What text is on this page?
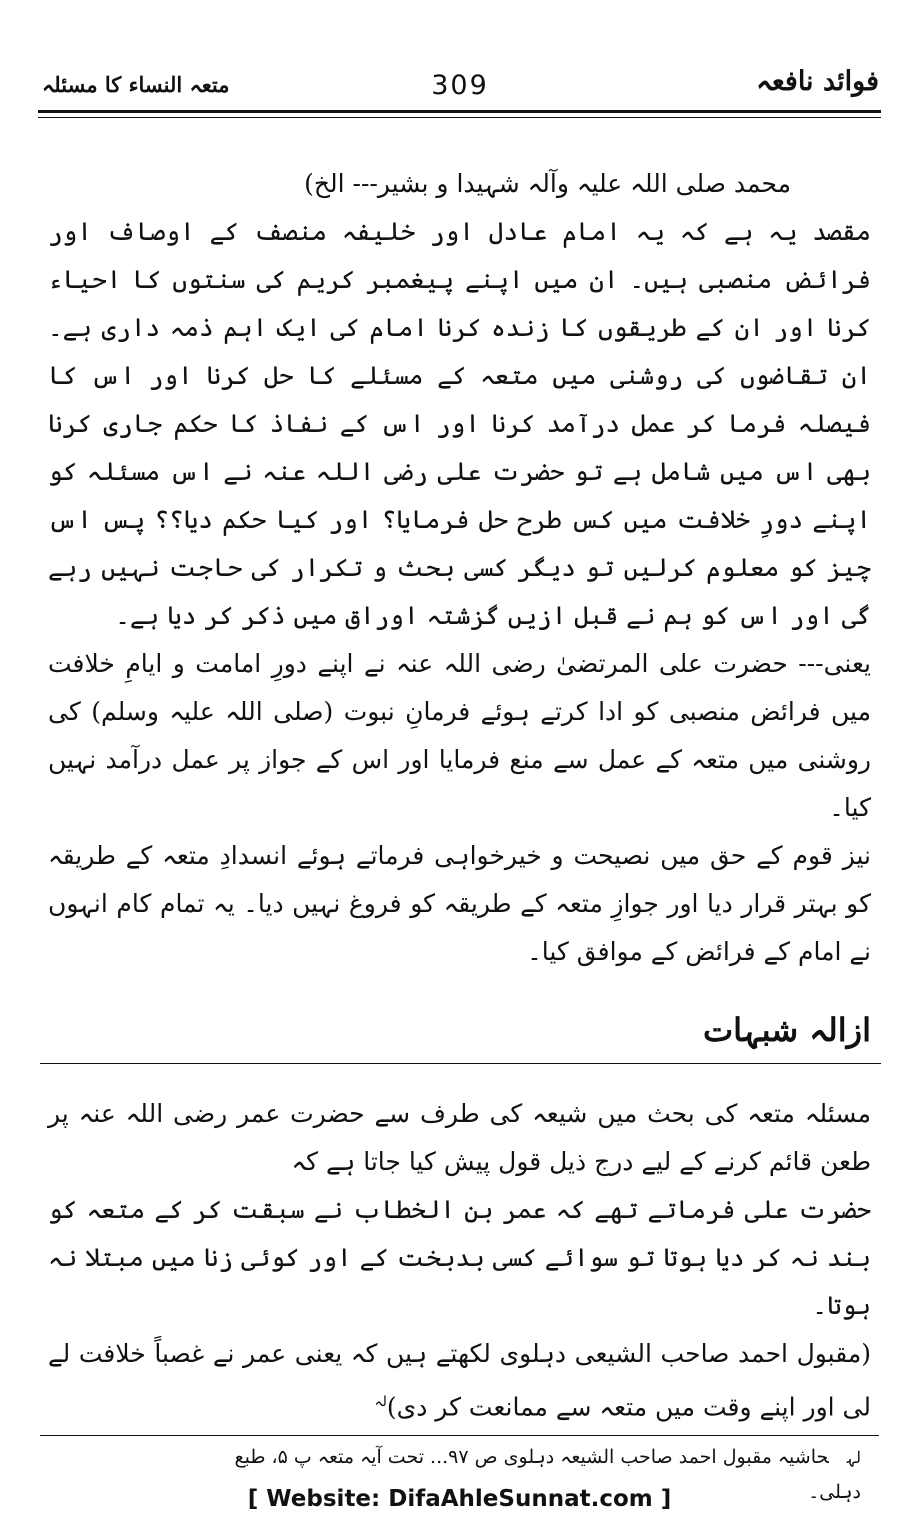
متعہ النساء کا مسئلہ	309	فوائد نافعہ

محمد صلی اللہ علیہ وآلہ شہیدا و بشیر--- الخ)

مقصد یہ ہے کہ یہ امام عادل اور خلیفہ منصف کے اوصاف اور فرائض منصبی ہیں۔ ان میں اپنے پیغمبر کریم کی سنتوں کا احیاء کرنا اور ان کے طریقوں کا زندہ کرنا امام کی ایک اہم ذمہ داری ہے۔ ان تقاضوں کی روشنی میں متعہ کے مسئلے کا حل کرنا اور اس کا فیصلہ فرما کر عمل درآمد کرنا اور اس کے نفاذ کا حکم جاری کرنا بھی اس میں شامل ہے تو حضرت علی رضی اللہ عنہ نے اس مسئلہ کو اپنے دورِ خلافت میں کس طرح حل فرمایا؟ اور کیا حکم دیا؟؟ پس اس چیز کو معلوم کرلیں تو دیگر کسی بحث و تکرار کی حاجت نہیں رہے گی اور اس کو ہم نے قبل ازیں گزشتہ اوراق میں ذکر کر دیا ہے۔

یعنی--- حضرت علی المرتضیٰ رضی اللہ عنہ نے اپنے دورِ امامت و ایامِ خلافت میں فرائض منصبی کو ادا کرتے ہوئے فرمانِ نبوت (صلی اللہ علیہ وسلم) کی روشنی میں متعہ کے عمل سے منع فرمایا اور اس کے جواز پر عمل درآمد نہیں کیا۔

نیز قوم کے حق میں نصیحت و خیرخواہی فرماتے ہوئے انسدادِ متعہ کے طریقہ کو بہتر قرار دیا اور جوازِ متعہ کے طریقہ کو فروغ نہیں دیا۔ یہ تمام کام انہوں نے امام کے فرائض کے موافق کیا۔

ازالہ شبہات

مسئلہ متعہ کی بحث میں شیعہ کی طرف سے حضرت عمر رضی اللہ عنہ پر طعن قائم کرنے کے لیے درج ذیل قول پیش کیا جاتا ہے کہ

حضرت علی فرماتے تھے کہ عمر بن الخطاب نے سبقت کر کے متعہ کو بند نہ کر دیا ہوتا تو سوائے کسی بدبخت کے اور کوئی زنا میں مبتلا نہ ہوتا۔

(مقبول احمد صاحب الشیعی دہلوی لکھتے ہیں کہ یعنی عمر نے غصباً خلافت لے لی اور اپنے وقت میں متعہ سے ممانعت کر دی)$^{لہ}$

لہحاشیہ مقبول احمد صاحب الشیعہ دہلوی ص ۹۷... تحت آیہ متعہ پ ۵، طبع دہلی۔
[ Website: DifaAhleSunnat.com ]
